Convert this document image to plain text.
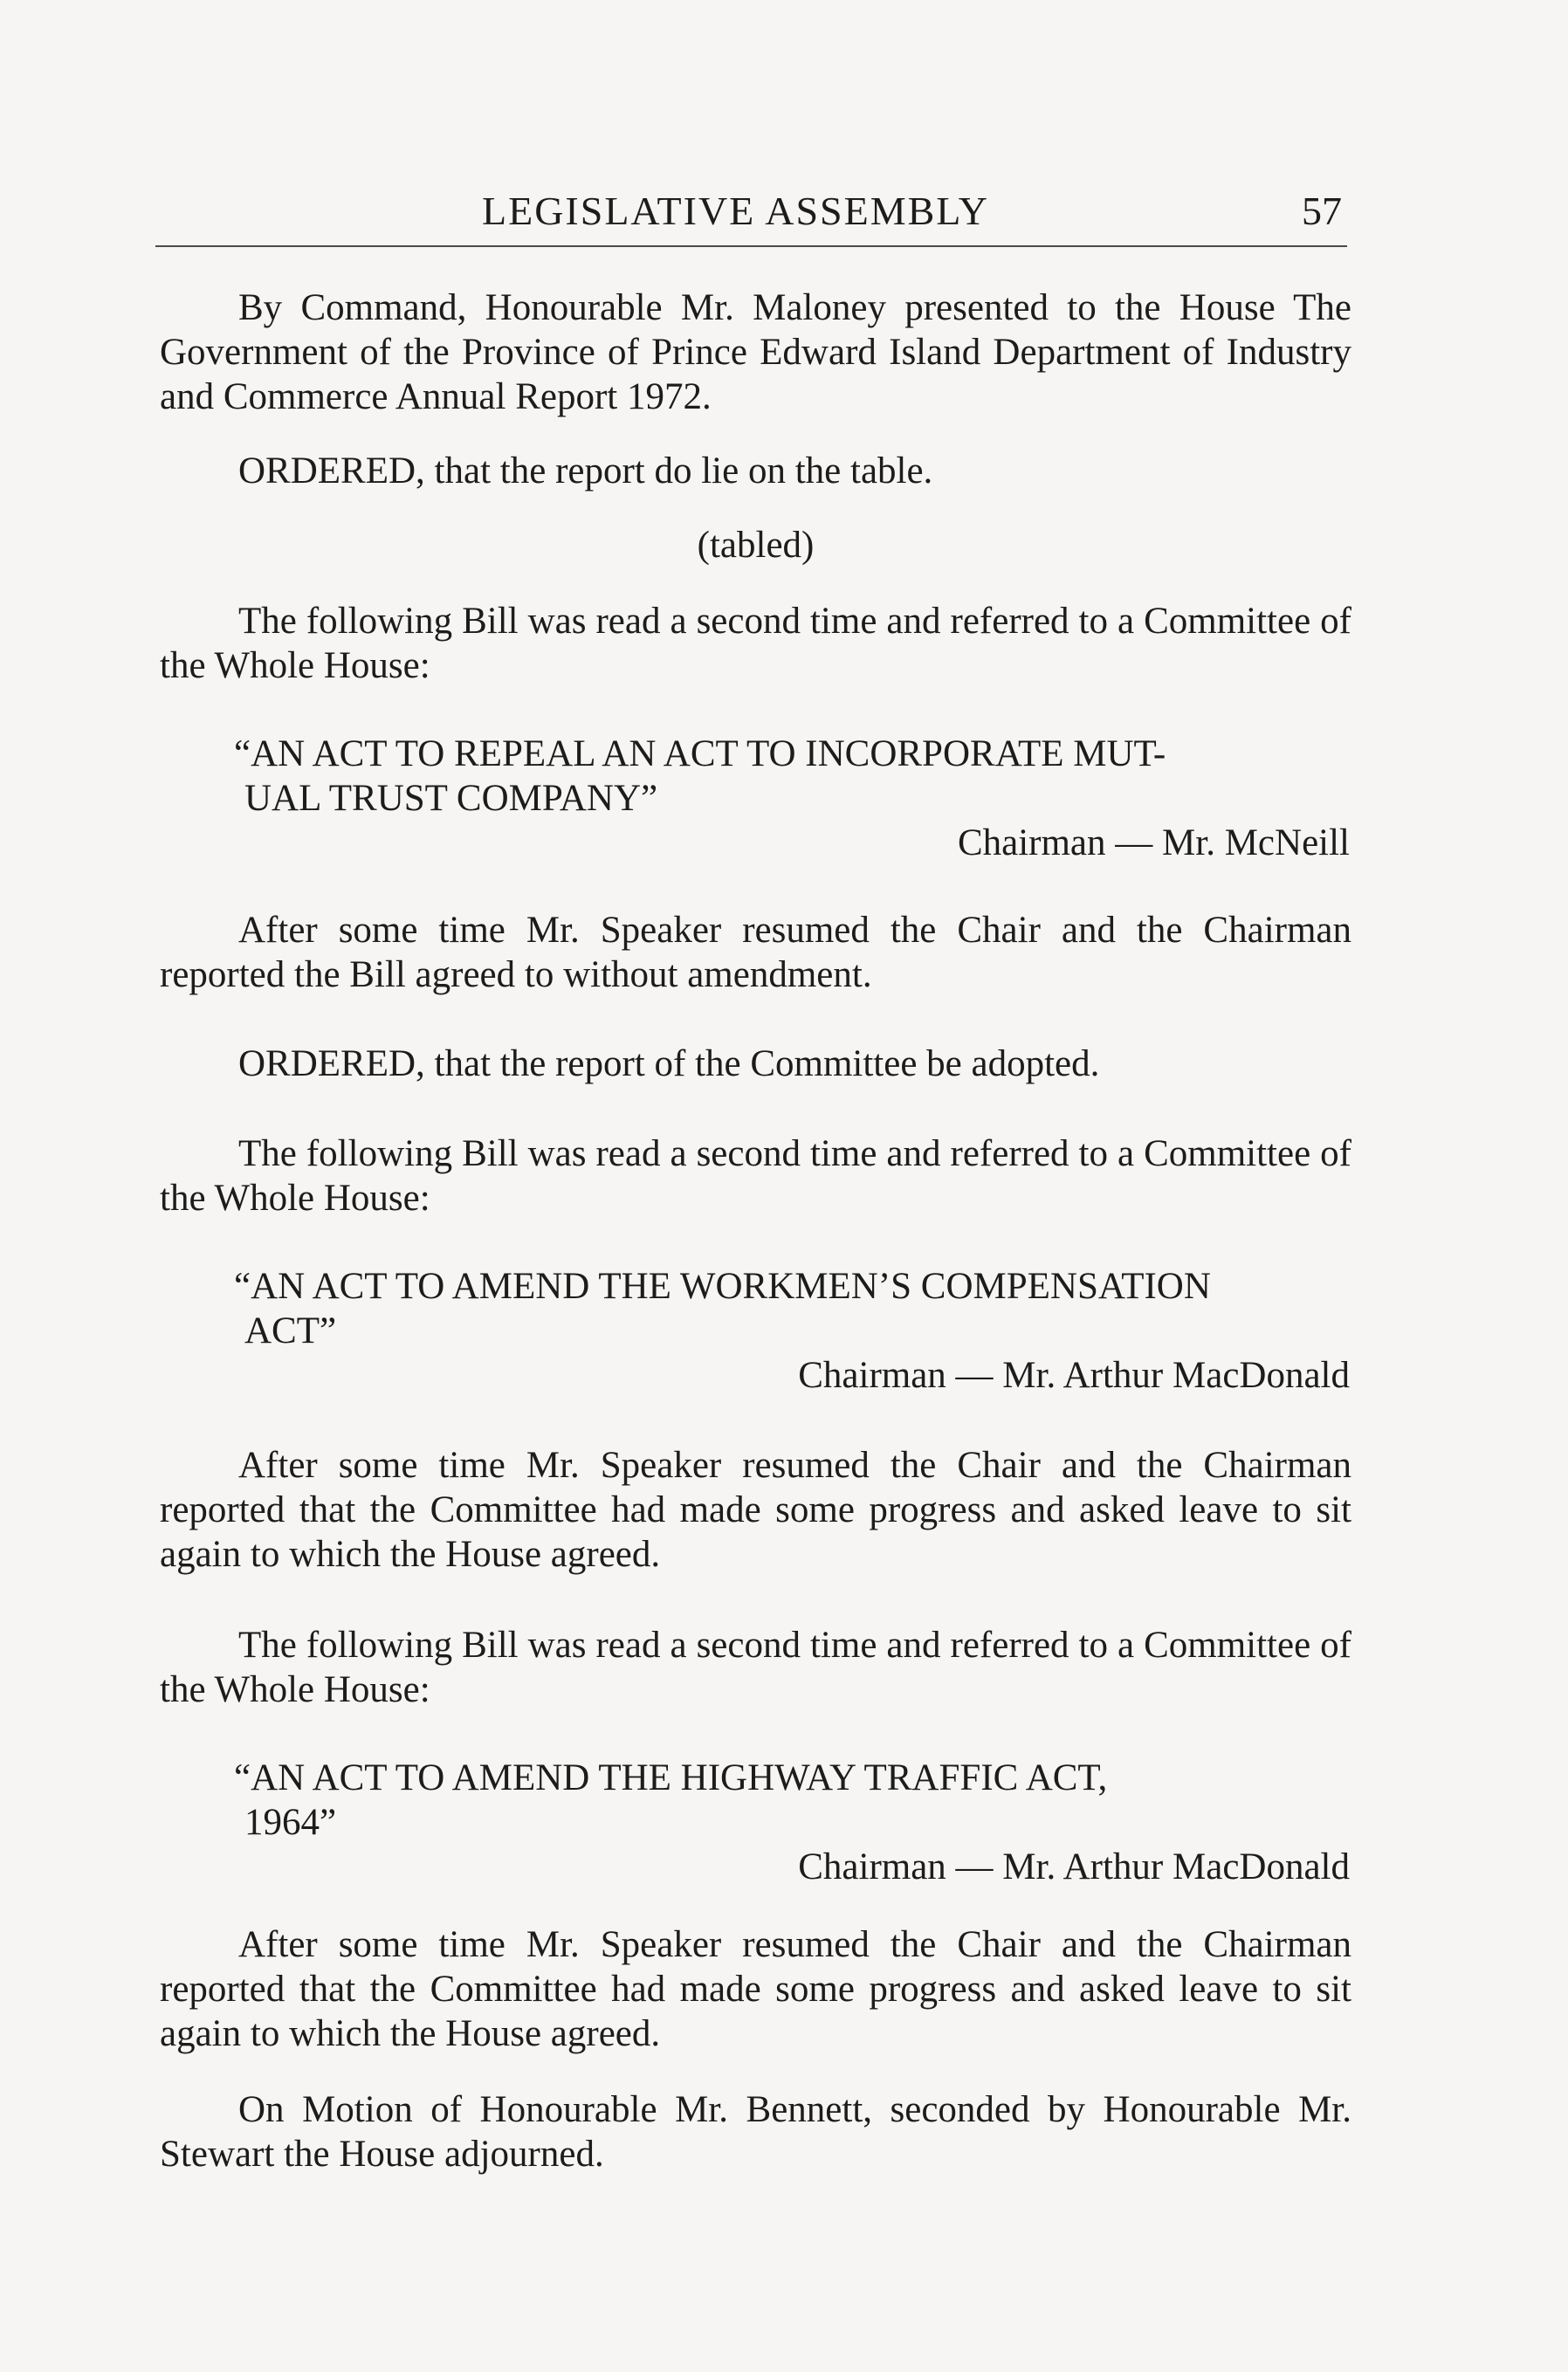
LEGISLATIVE ASSEMBLY	57
By Command, Honourable Mr. Maloney presented to the House The Government of the Province of Prince Edward Island Department of Industry and Commerce Annual Report 1972.
ORDERED, that the report do lie on the table.
(tabled)
The following Bill was read a second time and referred to a Committee of the Whole House:
“AN ACT TO REPEAL AN ACT TO INCORPORATE MUT-
UAL TRUST COMPANY”
Chairman — Mr. McNeill
After some time Mr. Speaker resumed the Chair and the Chairman reported the Bill agreed to without amendment.
ORDERED, that the report of the Committee be adopted.
The following Bill was read a second time and referred to a Committee of the Whole House:
“AN ACT TO AMEND THE WORKMEN’S COMPENSATION
ACT”
Chairman — Mr. Arthur MacDonald
After some time Mr. Speaker resumed the Chair and the Chairman reported that the Committee had made some progress and asked leave to sit again to which the House agreed.
The following Bill was read a second time and referred to a Committee of the Whole House:
“AN ACT TO AMEND THE HIGHWAY TRAFFIC ACT,
1964”
Chairman — Mr. Arthur MacDonald
After some time Mr. Speaker resumed the Chair and the Chairman reported that the Committee had made some progress and asked leave to sit again to which the House agreed.
On Motion of Honourable Mr. Bennett, seconded by Honourable Mr. Stewart the House adjourned.
